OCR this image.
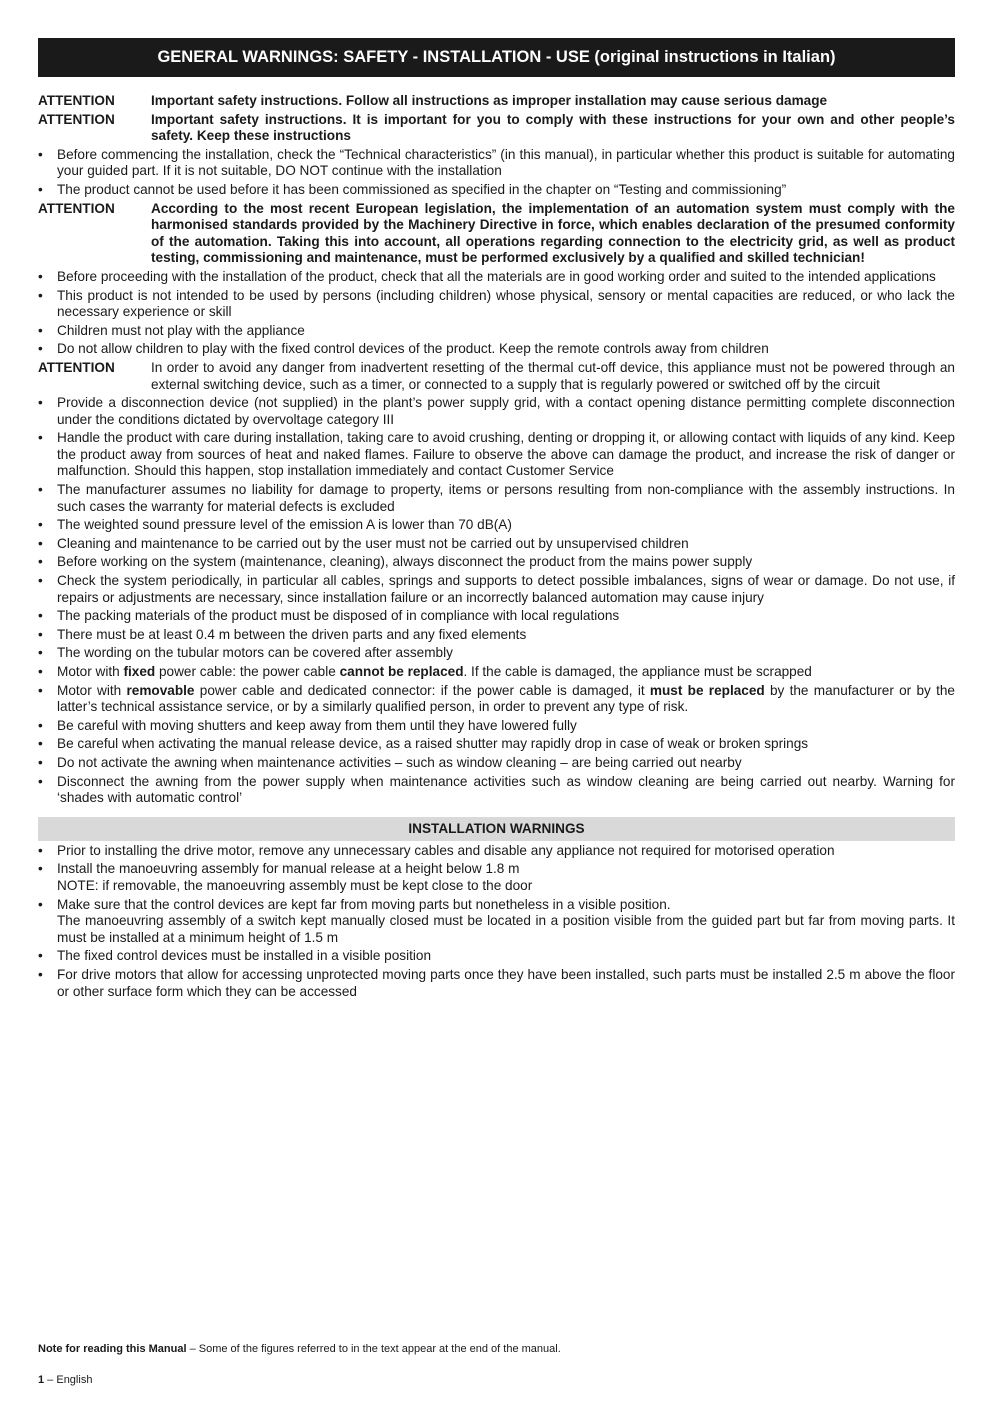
GENERAL WARNINGS: SAFETY - INSTALLATION - USE (original instructions in Italian)
ATTENTION	Important safety instructions. Follow all instructions as improper installation may cause serious damage
ATTENTION	Important safety instructions. It is important for you to comply with these instructions for your own and other people’s safety. Keep these instructions
•	Before commencing the installation, check the “Technical characteristics” (in this manual), in particular whether this product is suitable for automating your guided part. If it is not suitable, DO NOT continue with the installation
•	The product cannot be used before it has been commissioned as specified in the chapter on “Testing and commissioning”
ATTENTION	According to the most recent European legislation, the implementation of an automation system must comply with the harmonised standards provided by the Machinery Directive in force, which enables declaration of the presumed conformity of the automation. Taking this into account, all operations regarding connection to the electricity grid, as well as product testing, commissioning and maintenance, must be performed exclusively by a qualified and skilled technician!
•	Before proceeding with the installation of the product, check that all the materials are in good working order and suited to the intended applications
•	This product is not intended to be used by persons (including children) whose physical, sensory or mental capacities are reduced, or who lack the necessary experience or skill
•	Children must not play with the appliance
•	Do not allow children to play with the fixed control devices of the product. Keep the remote controls away from children
ATTENTION	In order to avoid any danger from inadvertent resetting of the thermal cut-off device, this appliance must not be powered through an external switching device, such as a timer, or connected to a supply that is regularly powered or switched off by the circuit
•	Provide a disconnection device (not supplied) in the plant’s power supply grid, with a contact opening distance permitting complete disconnection under the conditions dictated by overvoltage category III
•	Handle the product with care during installation, taking care to avoid crushing, denting or dropping it, or allowing contact with liquids of any kind. Keep the product away from sources of heat and naked flames. Failure to observe the above can damage the product, and increase the risk of danger or malfunction. Should this happen, stop installation immediately and contact Customer Service
•	The manufacturer assumes no liability for damage to property, items or persons resulting from non-compliance with the assembly instructions. In such cases the warranty for material defects is excluded
•	The weighted sound pressure level of the emission A is lower than 70 dB(A)
•	Cleaning and maintenance to be carried out by the user must not be carried out by unsupervised children
•	Before working on the system (maintenance, cleaning), always disconnect the product from the mains power supply
•	Check the system periodically, in particular all cables, springs and supports to detect possible imbalances, signs of wear or damage. Do not use, if repairs or adjustments are necessary, since installation failure or an incorrectly balanced automation may cause injury
•	The packing materials of the product must be disposed of in compliance with local regulations
•	There must be at least 0.4 m between the driven parts and any fixed elements
•	The wording on the tubular motors can be covered after assembly
•	Motor with fixed power cable: the power cable cannot be replaced. If the cable is damaged, the appliance must be scrapped
•	Motor with removable power cable and dedicated connector: if the power cable is damaged, it must be replaced by the manufacturer or by the latter’s technical assistance service, or by a similarly qualified person, in order to prevent any type of risk.
•	Be careful with moving shutters and keep away from them until they have lowered fully
•	Be careful when activating the manual release device, as a raised shutter may rapidly drop in case of weak or broken springs
•	Do not activate the awning when maintenance activities – such as window cleaning – are being carried out nearby
•	Disconnect the awning from the power supply when maintenance activities such as window cleaning are being carried out nearby. Warning for ‘shades with automatic control’
INSTALLATION WARNINGS
•	Prior to installing the drive motor, remove any unnecessary cables and disable any appliance not required for motorised operation
•	Install the manoeuvring assembly for manual release at a height below 1.8 m
NOTE: if removable, the manoeuvring assembly must be kept close to the door
•	Make sure that the control devices are kept far from moving parts but nonetheless in a visible position.
The manoeuvring assembly of a switch kept manually closed must be located in a position visible from the guided part but far from moving parts. It must be installed at a minimum height of 1.5 m
•	The fixed control devices must be installed in a visible position
•	For drive motors that allow for accessing unprotected moving parts once they have been installed, such parts must be installed 2.5 m above the floor or other surface form which they can be accessed
Note for reading this Manual – Some of the figures referred to in the text appear at the end of the manual.
1 – English
